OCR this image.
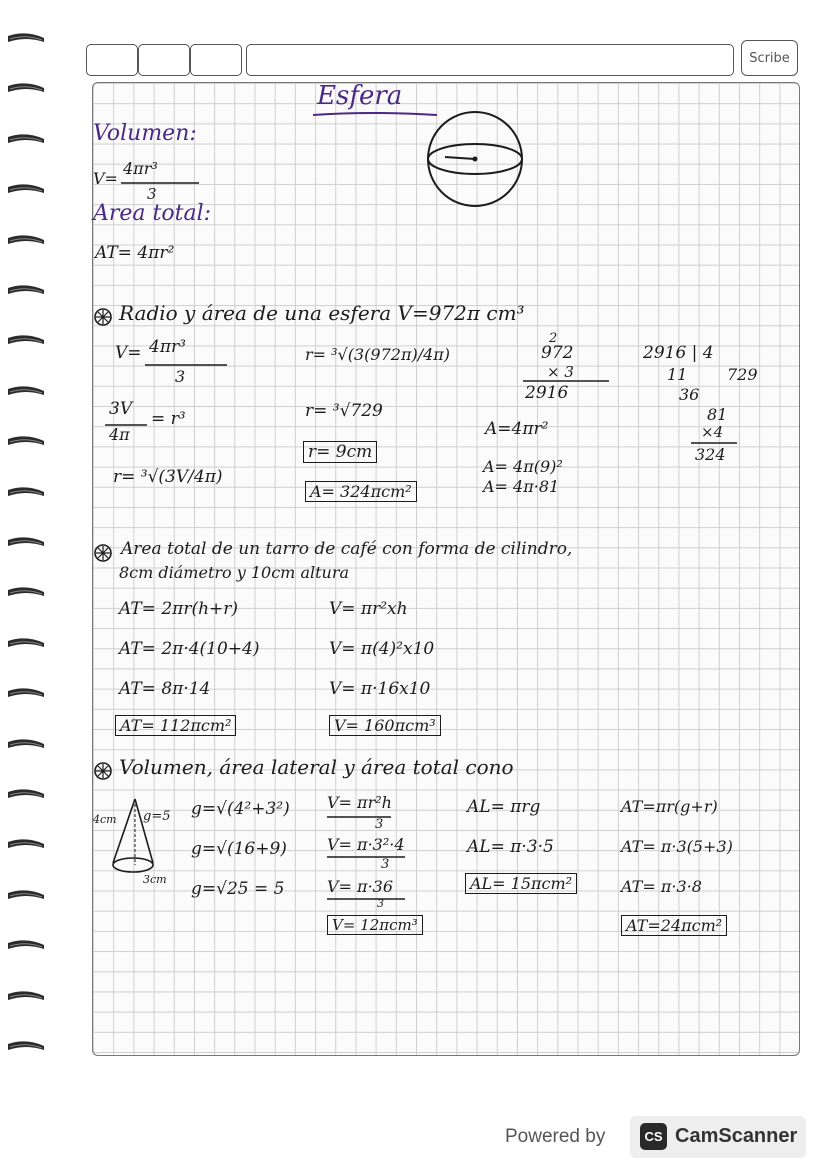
Scribe
Esfera
Volumen:
V=
4πr³
3
Area total:
AT= 4πr²
Radio y área de una esfera V=972π cm³
V= 4πr³
3
3V
4π
= r³
r= ³√(3V/4π)
r= ³√(3(972π)/4π)
r= ³√729
r= 9cm
A= 324πcm²
2
972
× 3
2916
A=4πr²
A= 4π(9)²
A= 4π·81
2916 | 4
729
11
36
81
×4
324
Area total de un tarro de café con forma de cilindro,
8cm diámetro y 10cm altura
AT= 2πr(h+r)
AT= 2π·4(10+4)
AT= 8π·14
AT= 112πcm²
V= πr²xh
V= π(4)²x10
V= π·16x10
V= 160πcm³
Volumen, área lateral y área total cono
4cm g=5
3cm
g=√(4²+3²)
g=√(16+9)
g=√25 = 5
V= πr²h
3
V= π·3²·4
3
V= π·36
3
V= 12πcm³
AL= πrg
AL= π·3·5
AL= 15πcm²
AT=πr(g+r)
AT= π·3(5+3)
AT= π·3·8
AT=24πcm²
Powered by	CS CamScanner
